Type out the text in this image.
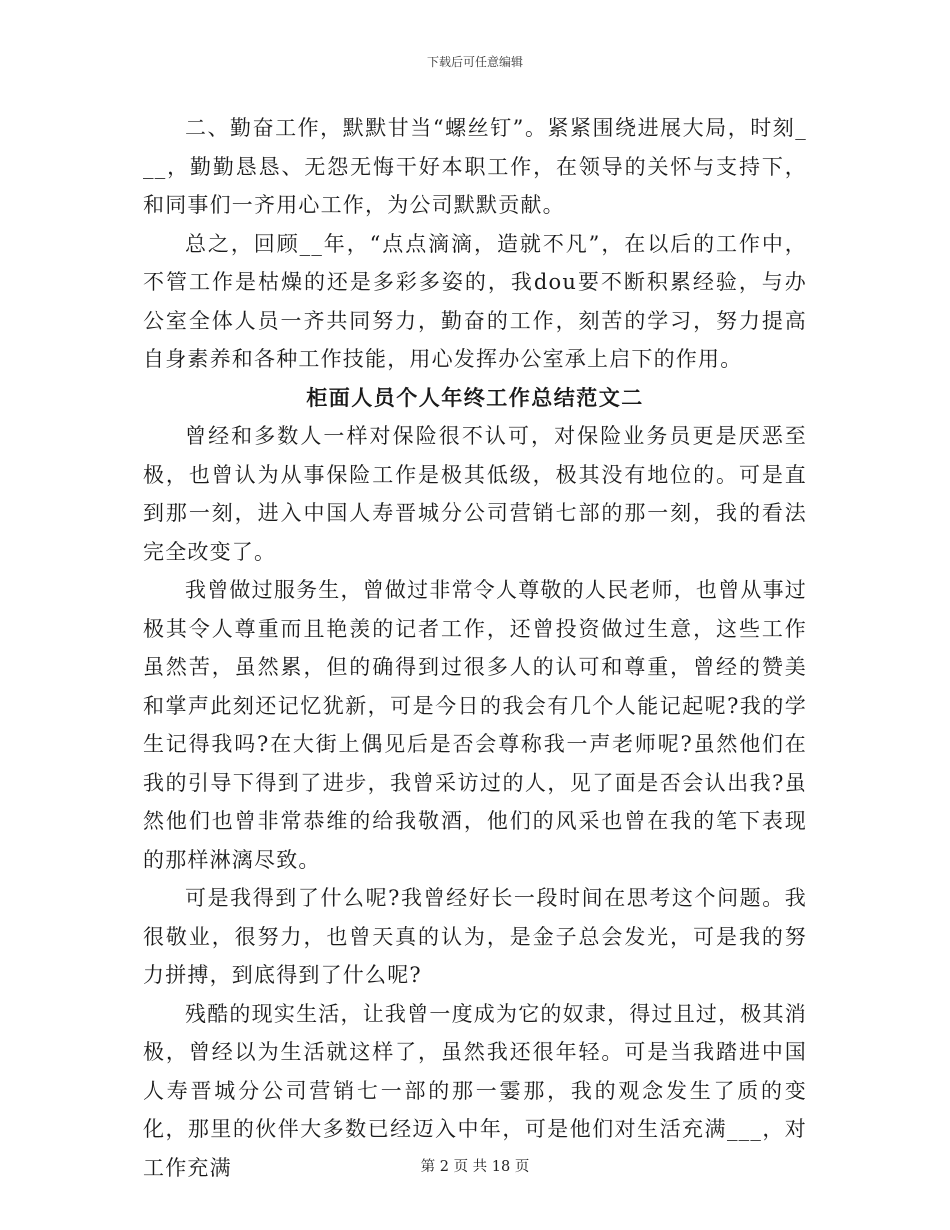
下载后可任意编辑

二、勤奋工作，默默甘当“螺丝钉”。紧紧围绕进展大局，时刻___，勤勤恳恳、无怨无悔干好本职工作，在领导的关怀与支持下，和同事们一齐用心工作，为公司默默贡献。

总之，回顾__年，“点点滴滴，造就不凡”，在以后的工作中，不管工作是枯燥的还是多彩多姿的，我dou要不断积累经验，与办公室全体人员一齐共同努力，勤奋的工作，刻苦的学习，努力提高自身素养和各种工作技能，用心发挥办公室承上启下的作用。

柜面人员个人年终工作总结范文二

曾经和多数人一样对保险很不认可，对保险业务员更是厌恶至极，也曾认为从事保险工作是极其低级，极其没有地位的。可是直到那一刻，进入中国人寿晋城分公司营销七部的那一刻，我的看法完全改变了。

我曾做过服务生，曾做过非常令人尊敬的人民老师，也曾从事过极其令人尊重而且艳羡的记者工作，还曾投资做过生意，这些工作虽然苦，虽然累，但的确得到过很多人的认可和尊重，曾经的赞美和掌声此刻还记忆犹新，可是今日的我会有几个人能记起呢?我的学生记得我吗?在大街上偶见后是否会尊称我一声老师呢?虽然他们在我的引导下得到了进步，我曾采访过的人，见了面是否会认出我?虽然他们也曾非常恭维的给我敬酒，他们的风采也曾在我的笔下表现的那样淋漓尽致。

可是我得到了什么呢?我曾经好长一段时间在思考这个问题。我很敬业，很努力，也曾天真的认为，是金子总会发光，可是我的努力拼搏，到底得到了什么呢?

残酷的现实生活，让我曾一度成为它的奴隶，得过且过，极其消极，曾经以为生活就这样了，虽然我还很年轻。可是当我踏进中国人寿晋城分公司营销七一部的那一霎那，我的观念发生了质的变化，那里的伙伴大多数已经迈入中年，可是他们对生活充满___，对工作充满	第 2 页 共 18 页
